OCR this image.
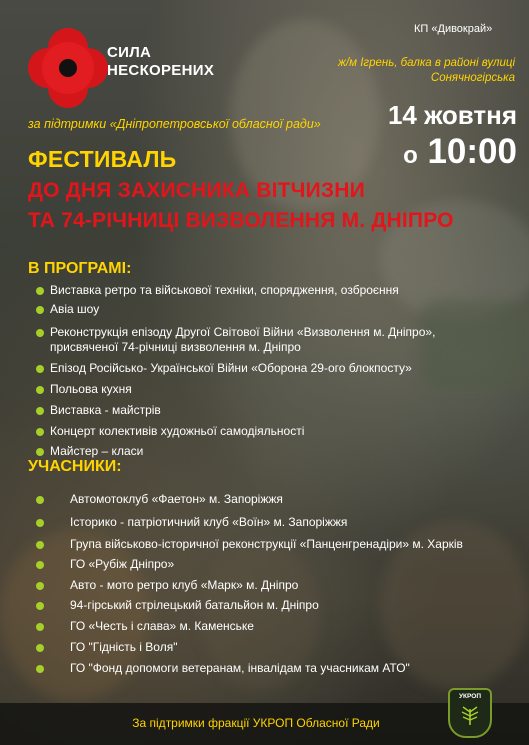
СИЛА
НЕСКОРЕНИХ
КП «Дивокрай»
ж/м Ігрень, балка в районі вулиці Сонячногірська
за підтримки «Дніпропетровської обласної ради»	14 жовтня
о 10:00
ФЕСТИВАЛЬ
ДО ДНЯ ЗАХИСНИКА ВІТЧИЗНИ
ТА 74-РІЧНИЦІ ВИЗВОЛЕННЯ М. ДНІПРО
В ПРОГРАМІ:
Виставка ретро та військової техніки, спорядження, озброєння
Авіа шоу
Реконструкція епізоду Другої Світової Війни «Визволення м. Дніпро», присвяченої 74-річниці визволення м. Дніпро
Епізод Російсько- Української Війни «Оборона 29-ого блокпосту»
Польова кухня
Виставка - майстрів
Концерт колективів художньої самодіяльності
Майстер – класи
УЧАСНИКИ:
Автомотоклуб «Фаетон» м. Запоріжжя
Історико - патріотичний клуб «Воїн» м. Запоріжжя
Група військово-історичної реконструкції «Панценгренадіри» м. Харків
ГО «Рубіж Дніпро»
Авто - мото ретро клуб «Марк» м. Дніпро
94-гірський стрілецький батальйон м. Дніпро
ГО «Честь і слава» м. Каменське
ГО "Гідність і Воля"
ГО "Фонд допомоги ветеранам, інвалідам та учасникам АТО"
За підтримки фракції УКРОП Обласної Ради
УКРОП
